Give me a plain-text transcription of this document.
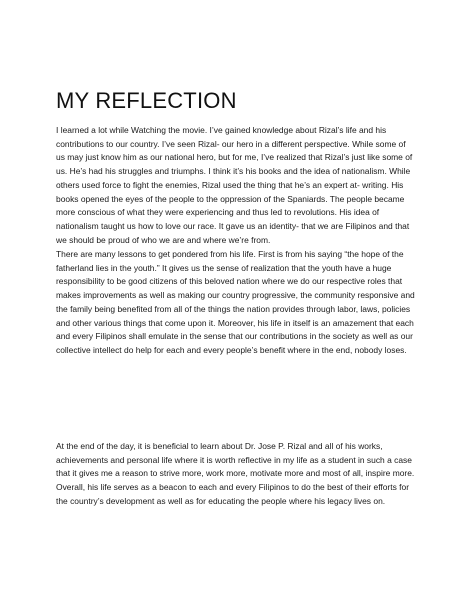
MY REFLECTION

I learned a lot while Watching the movie. I’ve gained knowledge about Rizal’s life and his contributions to our country. I’ve seen Rizal- our hero in a different perspective. While some of us may just know him as our national hero, but for me, I’ve realized that Rizal’s just like some of us. He’s had his struggles and triumphs. I think it’s his books and the idea of nationalism. While others used force to fight the enemies, Rizal used the thing that he’s an expert at- writing. His books opened the eyes of the people to the oppression of the Spaniards. The people became more conscious of what they were experiencing and thus led to revolutions. His idea of nationalism taught us how to love our race. It gave us an identity- that we are Filipinos and that we should be proud of who we are and where we’re from.

There are many lessons to get pondered from his life. First is from his saying “the hope of the fatherland lies in the youth.” It gives us the sense of realization that the youth have a huge responsibility to be good citizens of this beloved nation where we do our respective roles that makes improvements as well as making our country progressive, the community responsive and the family being benefited from all of the things the nation provides through labor, laws, policies and other various things that come upon it. Moreover, his life in itself is an amazement that each and every Filipinos shall emulate in the sense that our contributions in the society as well as our collective intellect do help for each and every people’s benefit where in the end, nobody loses.

At the end of the day, it is beneficial to learn about Dr. Jose P. Rizal and all of his works, achievements and personal life where it is worth reflective in my life as a student in such a case that it gives me a reason to strive more, work more, motivate more and most of all, inspire more. Overall, his life serves as a beacon to each and every Filipinos to do the best of their efforts for the country’s development as well as for educating the people where his legacy lives on.
